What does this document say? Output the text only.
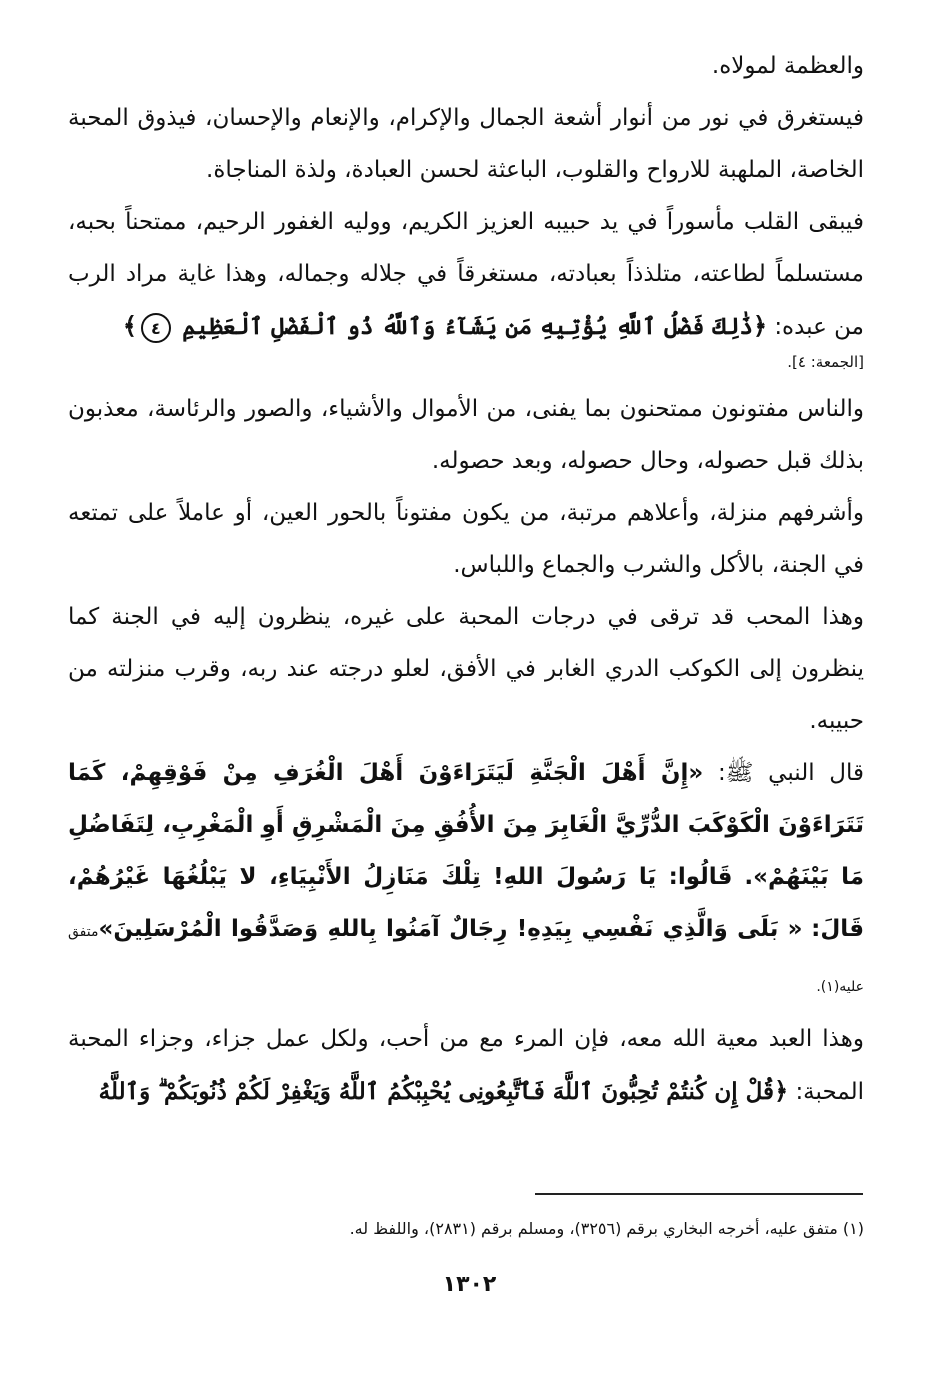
والعظمة لمولاه.

فيستغرق في نور من أنوار أشعة الجمال والإكرام، والإنعام والإحسان، فيذوق المحبة الخاصة، الملهبة للارواح والقلوب، الباعثة لحسن العبادة، ولذة المناجاة.

فيبقى القلب مأسوراً في يد حبيبه العزيز الكريم، ووليه الغفور الرحيم، ممتحناً بحبه، مستسلماً لطاعته، متلذذاً بعبادته، مستغرقاً في جلاله وجماله، وهذا غاية مراد الرب من عبده: ﴿ذَٰلِكَ فَضْلُ ٱللَّهِ يُؤْتِيهِ مَن يَشَآءُ وَٱللَّهُ ذُو ٱلْفَضْلِ ٱلْعَظِيمِ ٤﴾

[الجمعة: ٤].

والناس مفتونون ممتحنون بما يفنى، من الأموال والأشياء، والصور والرئاسة، معذبون بذلك قبل حصوله، وحال حصوله، وبعد حصوله.

وأشرفهم منزلة، وأعلاهم مرتبة، من يكون مفتوناً بالحور العين، أو عاملاً على تمتعه في الجنة، بالأكل والشرب والجماع واللباس.

وهذا المحب قد ترقى في درجات المحبة على غيره، ينظرون إليه في الجنة كما ينظرون إلى الكوكب الدري الغابر في الأفق، لعلو درجته عند ربه، وقرب منزلته من حبيبه.

قال النبي ﷺ: «إِنَّ أَهْلَ الْجَنَّةِ لَيَتَرَاءَوْنَ أَهْلَ الْغُرَفِ مِنْ فَوْقِهِمْ، كَمَا تَتَرَاءَوْنَ الْكَوْكَبَ الدُّرِّيَّ الْغَابِرَ مِنَ الأُفُقِ مِنَ الْمَشْرِقِ أَوِ الْمَغْرِبِ، لِتَفَاضُلِ مَا بَيْنَهُمْ». قَالُوا: يَا رَسُولَ اللهِ! تِلْكَ مَنَازِلُ الأَنْبِيَاءِ، لا يَبْلُغُهَا غَيْرُهُمْ، قَالَ: « بَلَى وَالَّذِي نَفْسِي بِيَدِهِ! رِجَالٌ آمَنُوا بِاللهِ وَصَدَّقُوا الْمُرْسَلِينَ»متفق عليه(١).

وهذا العبد معية الله معه، فإن المرء مع من أحب، ولكل عمل جزاء، وجزاء المحبة المحبة: ﴿قُلْ إِن كُنتُمْ تُحِبُّونَ ٱللَّهَ فَٱتَّبِعُونِى يُحْبِبْكُمُ ٱللَّهُ وَيَغْفِرْ لَكُمْ ذُنُوبَكُمْ ۗ وَٱللَّهُ

(١) متفق عليه، أخرجه البخاري برقم (٣٢٥٦)، ومسلم برقم (٢٨٣١)، واللفظ له.
١٣٠٢
